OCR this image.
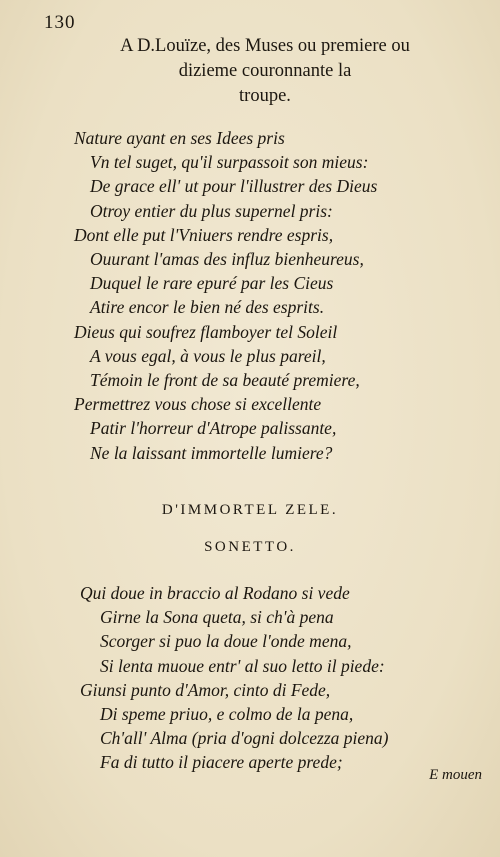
130
A D.Louïze, des Muses ou premiere ou
dizieme couronnante la
troupe.
Nature ayant en ses Idees pris
Vn tel suget, qu'il surpassoit son mieus:
De grace ell' ut pour l'illustrer des Dieus
Otroy entier du plus supernel pris:
Dont elle put l'Vniuers rendre espris,
Ouurant l'amas des influz bienheureus,
Duquel le rare epuré par les Cieus
Atire encor le bien né des esprits.
Dieus qui soufrez flamboyer tel Soleil
A vous egal, à vous le plus pareil,
Témoin le front de sa beauté premiere,
Permettrez vous chose si excellente
Patir l'horreur d'Atrope palissante,
Ne la laissant immortelle lumiere?
D'IMMORTEL ZELE.
SONETTO.
Qui doue in braccio al Rodano si vede
Girne la Sona queta, si ch'à pena
Scorger si puo la doue l'onde mena,
Si lenta muoue entr' al suo letto il piede:
Giunsi punto d'Amor, cinto di Fede,
Di speme priuo, e colmo de la pena,
Ch'all' Alma (pria d'ogni dolcezza piena)
Fa di tutto il piacere aperte prede;
E mouen
